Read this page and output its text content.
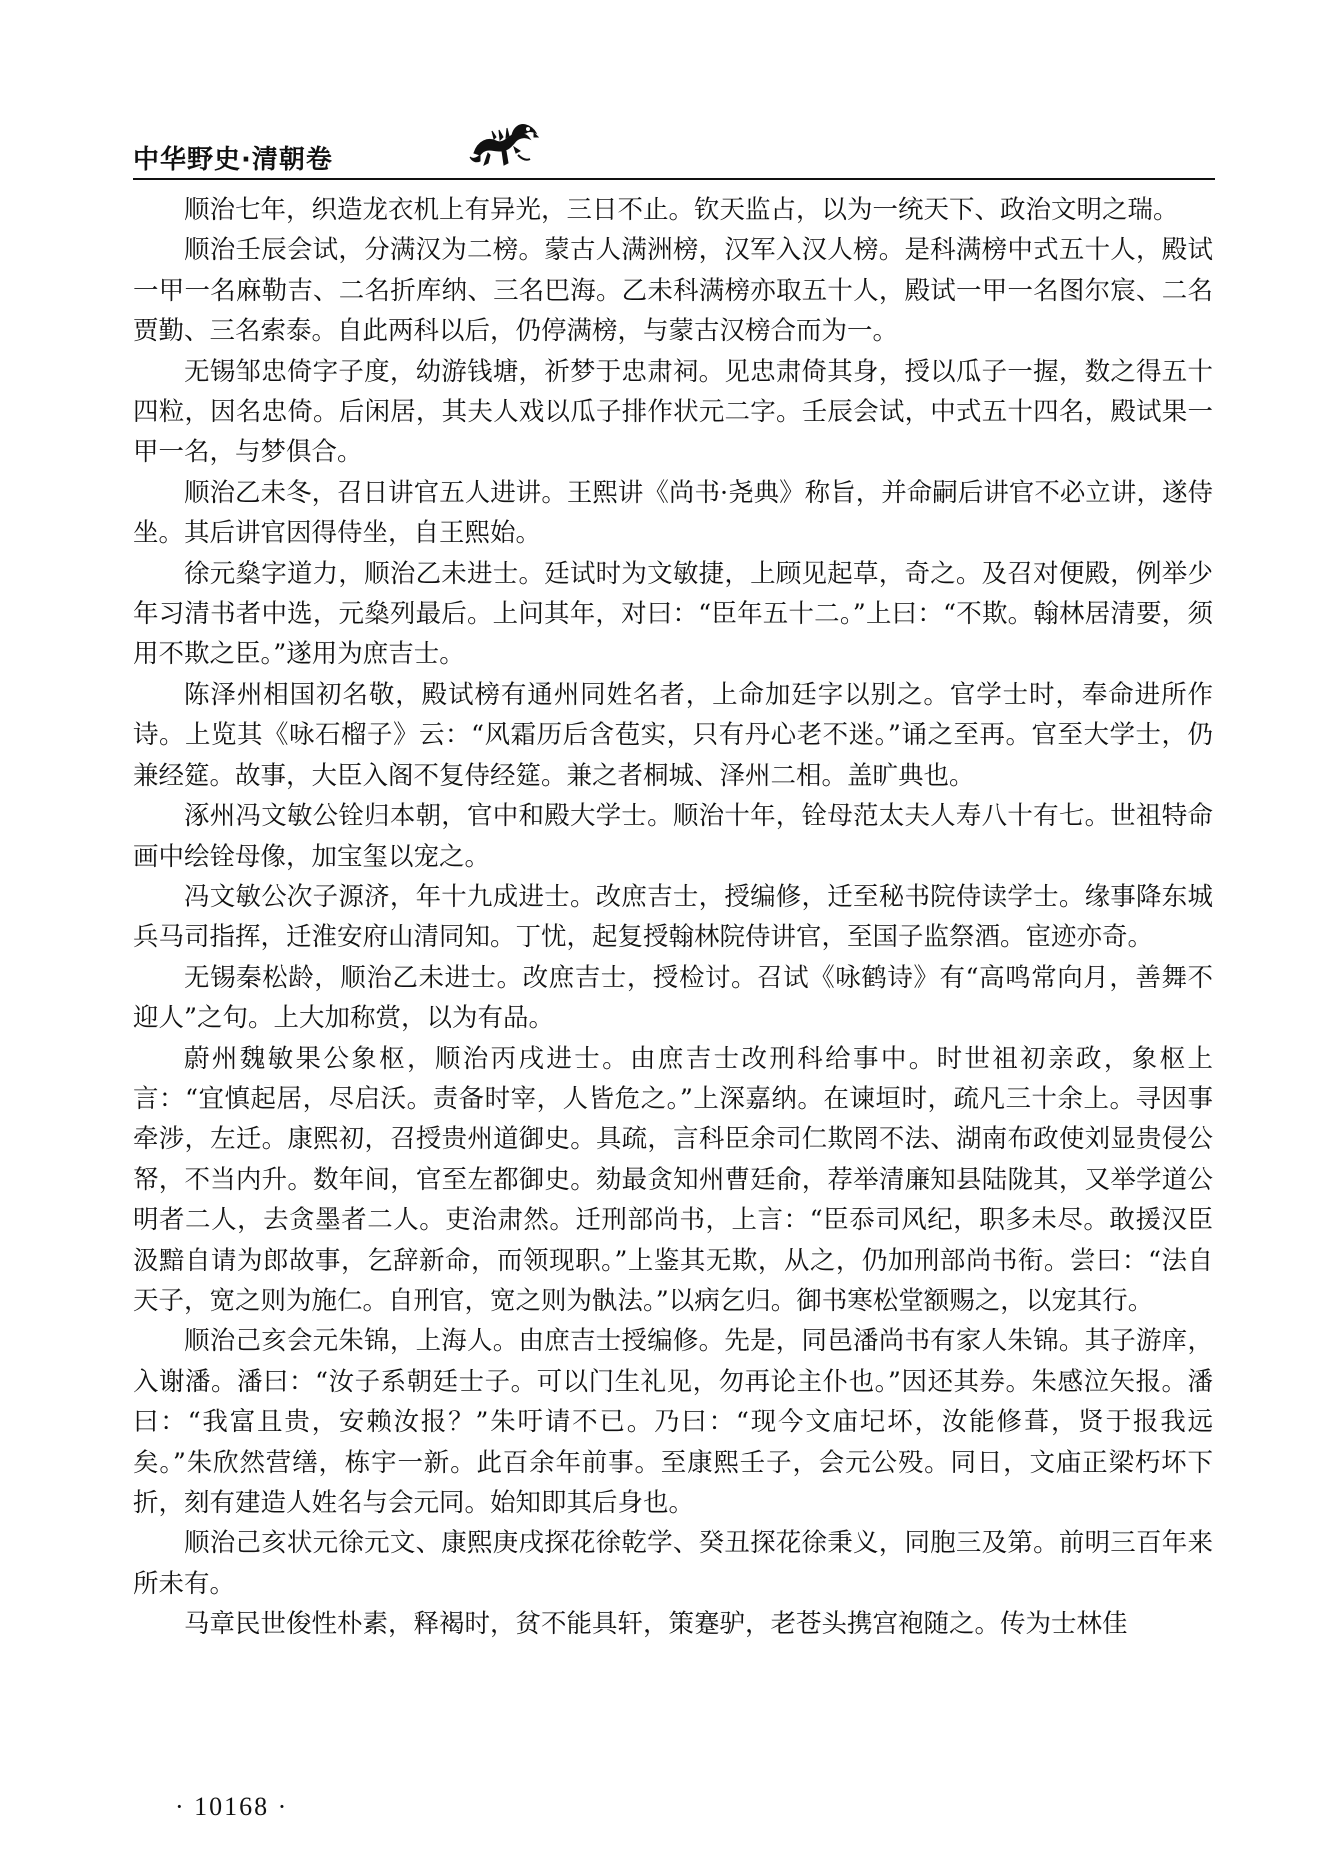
中华野史·清朝卷

顺治七年，织造龙衣机上有异光，三日不止。钦天监占，以为一统天下、政治文明之瑞。

顺治壬辰会试，分满汉为二榜。蒙古人满洲榜，汉军入汉人榜。是科满榜中式五十人，殿试一甲一名麻勒吉、二名折库纳、三名巴海。乙未科满榜亦取五十人，殿试一甲一名图尔宸、二名贾勤、三名索泰。自此两科以后，仍停满榜，与蒙古汉榜合而为一。

无锡邹忠倚字子度，幼游钱塘，祈梦于忠肃祠。见忠肃倚其身，授以瓜子一握，数之得五十四粒，因名忠倚。后闲居，其夫人戏以瓜子排作状元二字。壬辰会试，中式五十四名，殿试果一甲一名，与梦俱合。

顺治乙未冬，召日讲官五人进讲。王熙讲《尚书·尧典》称旨，并命嗣后讲官不必立讲，遂侍坐。其后讲官因得侍坐，自王熙始。

徐元燊字道力，顺治乙未进士。廷试时为文敏捷，上顾见起草，奇之。及召对便殿，例举少年习清书者中选，元燊列最后。上问其年，对曰：“臣年五十二。”上曰：“不欺。翰林居清要，须用不欺之臣。”遂用为庶吉士。

陈泽州相国初名敬，殿试榜有通州同姓名者，上命加廷字以别之。官学士时，奉命进所作诗。上览其《咏石榴子》云：“风霜历后含苞实，只有丹心老不迷。”诵之至再。官至大学士，仍兼经筵。故事，大臣入阁不复侍经筵。兼之者桐城、泽州二相。盖旷典也。

涿州冯文敏公铨归本朝，官中和殿大学士。顺治十年，铨母范太夫人寿八十有七。世祖特命画中绘铨母像，加宝玺以宠之。

冯文敏公次子源济，年十九成进士。改庶吉士，授编修，迁至秘书院侍读学士。缘事降东城兵马司指挥，迁淮安府山清同知。丁忧，起复授翰林院侍讲官，至国子监祭酒。宦迹亦奇。

无锡秦松龄，顺治乙未进士。改庶吉士，授检讨。召试《咏鹤诗》有“高鸣常向月，善舞不迎人”之句。上大加称赏，以为有品。

蔚州魏敏果公象枢，顺治丙戌进士。由庶吉士改刑科给事中。时世祖初亲政，象枢上言：“宜慎起居，尽启沃。责备时宰，人皆危之。”上深嘉纳。在谏垣时，疏凡三十余上。寻因事牵涉，左迁。康熙初，召授贵州道御史。具疏，言科臣余司仁欺罔不法、湖南布政使刘显贵侵公帑，不当内升。数年间，官至左都御史。劾最贪知州曹廷俞，荐举清廉知县陆陇其，又举学道公明者二人，去贪墨者二人。吏治肃然。迁刑部尚书，上言：“臣忝司风纪，职多未尽。敢援汉臣汲黯自请为郎故事，乞辞新命，而领现职。”上鉴其无欺，从之，仍加刑部尚书衔。尝曰：“法自天子，宽之则为施仁。自刑官，宽之则为骫法。”以病乞归。御书寒松堂额赐之，以宠其行。

顺治己亥会元朱锦，上海人。由庶吉士授编修。先是，同邑潘尚书有家人朱锦。其子游庠，入谢潘。潘曰：“汝子系朝廷士子。可以门生礼见，勿再论主仆也。”因还其券。朱感泣矢报。潘曰：“我富且贵，安赖汝报？”朱吁请不已。乃曰：“现今文庙圮坏，汝能修葺，贤于报我远矣。”朱欣然营缮，栋宇一新。此百余年前事。至康熙壬子，会元公殁。同日，文庙正梁朽坏下折，刻有建造人姓名与会元同。始知即其后身也。

顺治己亥状元徐元文、康熙庚戌探花徐乾学、癸丑探花徐秉义，同胞三及第。前明三百年来所未有。

马章民世俊性朴素，释褐时，贫不能具轩，策蹇驴，老苍头携宫袍随之。传为士林佳

· 10168 ·
